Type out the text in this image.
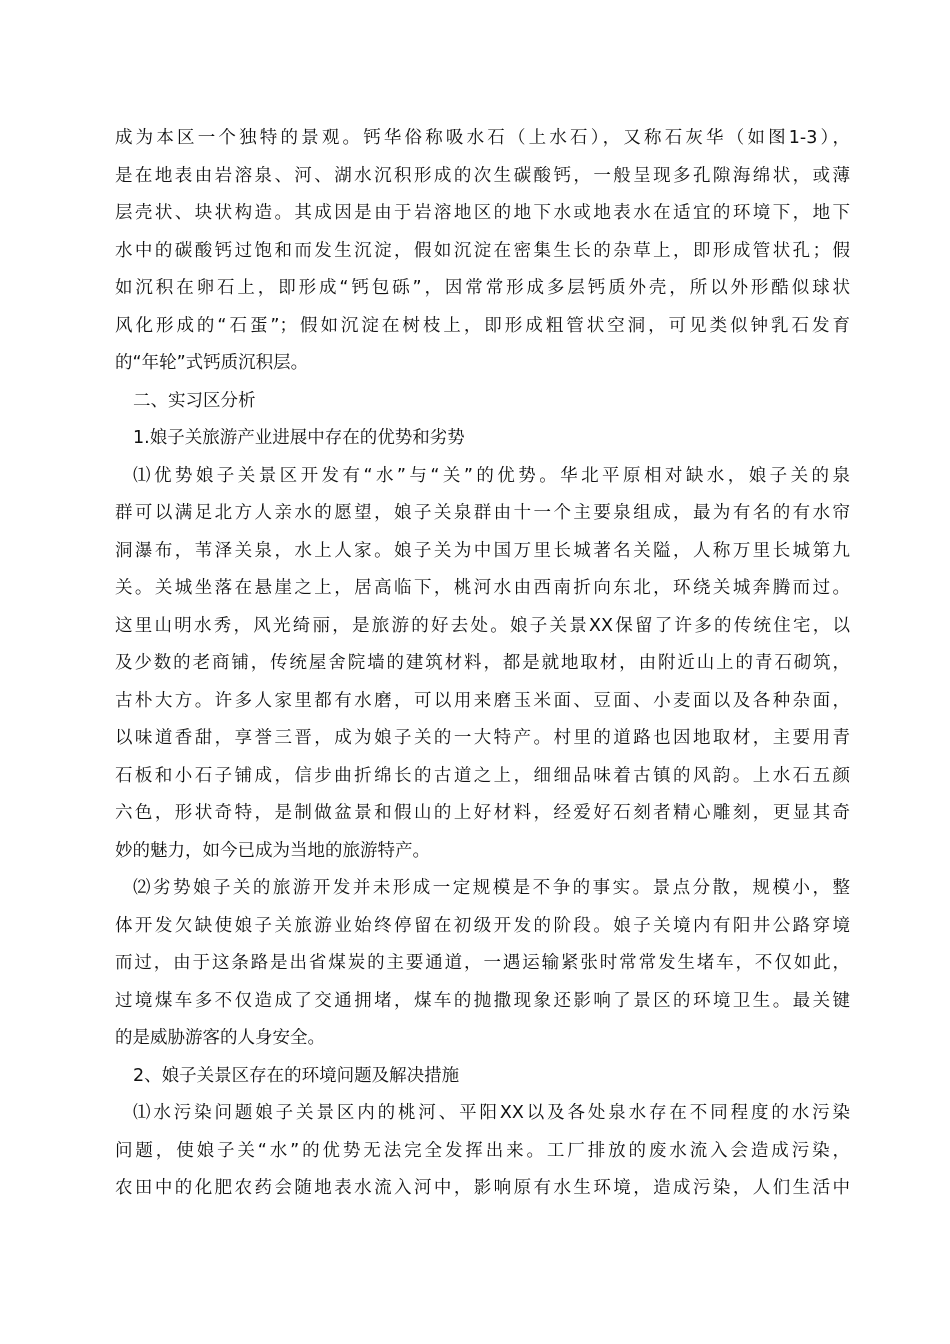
成为本区一个独特的景观。钙华俗称吸水石（上水石），又称石灰华（如图1-3），
是在地表由岩溶泉、河、湖水沉积形成的次生碳酸钙，一般呈现多孔隙海绵状，或薄
层壳状、块状构造。其成因是由于岩溶地区的地下水或地表水在适宜的环境下，地下
水中的碳酸钙过饱和而发生沉淀，假如沉淀在密集生长的杂草上，即形成管状孔；假
如沉积在卵石上，即形成“钙包砾”，因常常形成多层钙质外壳，所以外形酷似球状
风化形成的“石蛋”；假如沉淀在树枝上，即形成粗管状空洞，可见类似钟乳石发育
的“年轮”式钙质沉积层。
二、实习区分析
1.娘子关旅游产业进展中存在的优势和劣势
⑴优势娘子关景区开发有“水”与“关”的优势。华北平原相对缺水，娘子关的泉
群可以满足北方人亲水的愿望，娘子关泉群由十一个主要泉组成，最为有名的有水帘
洞瀑布，苇泽关泉，水上人家。娘子关为中国万里长城著名关隘，人称万里长城第九
关。关城坐落在悬崖之上，居高临下，桃河水由西南折向东北，环绕关城奔腾而过。
这里山明水秀，风光绮丽，是旅游的好去处。娘子关景XX保留了许多的传统住宅，以
及少数的老商铺，传统屋舍院墙的建筑材料，都是就地取材，由附近山上的青石砌筑，
古朴大方。许多人家里都有水磨，可以用来磨玉米面、豆面、小麦面以及各种杂面，
以味道香甜，享誉三晋，成为娘子关的一大特产。村里的道路也因地取材，主要用青
石板和小石子铺成，信步曲折绵长的古道之上，细细品味着古镇的风韵。上水石五颜
六色，形状奇特，是制做盆景和假山的上好材料，经爱好石刻者精心雕刻，更显其奇
妙的魅力，如今已成为当地的旅游特产。
⑵劣势娘子关的旅游开发并未形成一定规模是不争的事实。景点分散，规模小，整
体开发欠缺使娘子关旅游业始终停留在初级开发的阶段。娘子关境内有阳井公路穿境
而过，由于这条路是出省煤炭的主要通道，一遇运输紧张时常常发生堵车，不仅如此，
过境煤车多不仅造成了交通拥堵，煤车的抛撒现象还影响了景区的环境卫生。最关键
的是威胁游客的人身安全。
2、娘子关景区存在的环境问题及解决措施
⑴水污染问题娘子关景区内的桃河、平阳XX以及各处泉水存在不同程度的水污染
问题，使娘子关“水”的优势无法完全发挥出来。工厂排放的废水流入会造成污染，
农田中的化肥农药会随地表水流入河中，影响原有水生环境，造成污染，人们生活中
